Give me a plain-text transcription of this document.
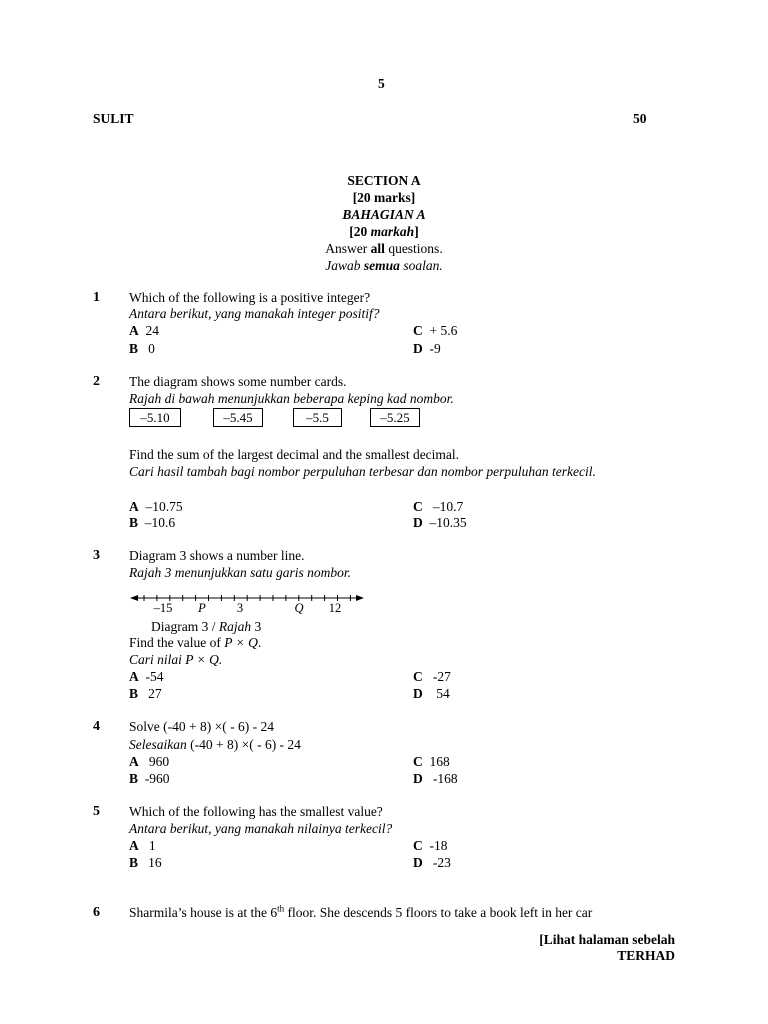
5
SULIT	50
SECTION A
[20 marks]
BAHAGIAN A
[20 markah]
Answer all questions.
Jawab semua soalan.
1 Which of the following is a positive integer?
Antara berikut, yang manakah integer positif?
A 24
B 0
C + 5.6
D -9
2 The diagram shows some number cards.
Rajah di bawah menunjukkan beberapa keping kad nombor.
–5.10	–5.45	–5.5	–5.25
Find the sum of the largest decimal and the smallest decimal.
Cari hasil tambah bagi nombor perpuluhan terbesar dan nombor perpuluhan terkecil.
A –10.75
B –10.6
C –10.7
D –10.35
3 Diagram 3 shows a number line.
Rajah 3 menunjukkan satu garis nombor.
–15 P 3	Q 12
Diagram 3 / Rajah 3
Find the value of P × Q.
Cari nilai P × Q.
A -54
B 27
C -27
D 54
4 Solve (-40 + 8) ×( - 6) - 24
Selesaikan (-40 + 8) ×( - 6) - 24
A 960
B -960
C 168
D -168
5 Which of the following has the smallest value?
Antara berikut, yang manakah nilainya terkecil?
A 1
B 16
C -18
D -23
6 Sharmila’s house is at the 6th floor. She descends 5 floors to take a book left in her car
[Lihat halaman sebelah
TERHAD
